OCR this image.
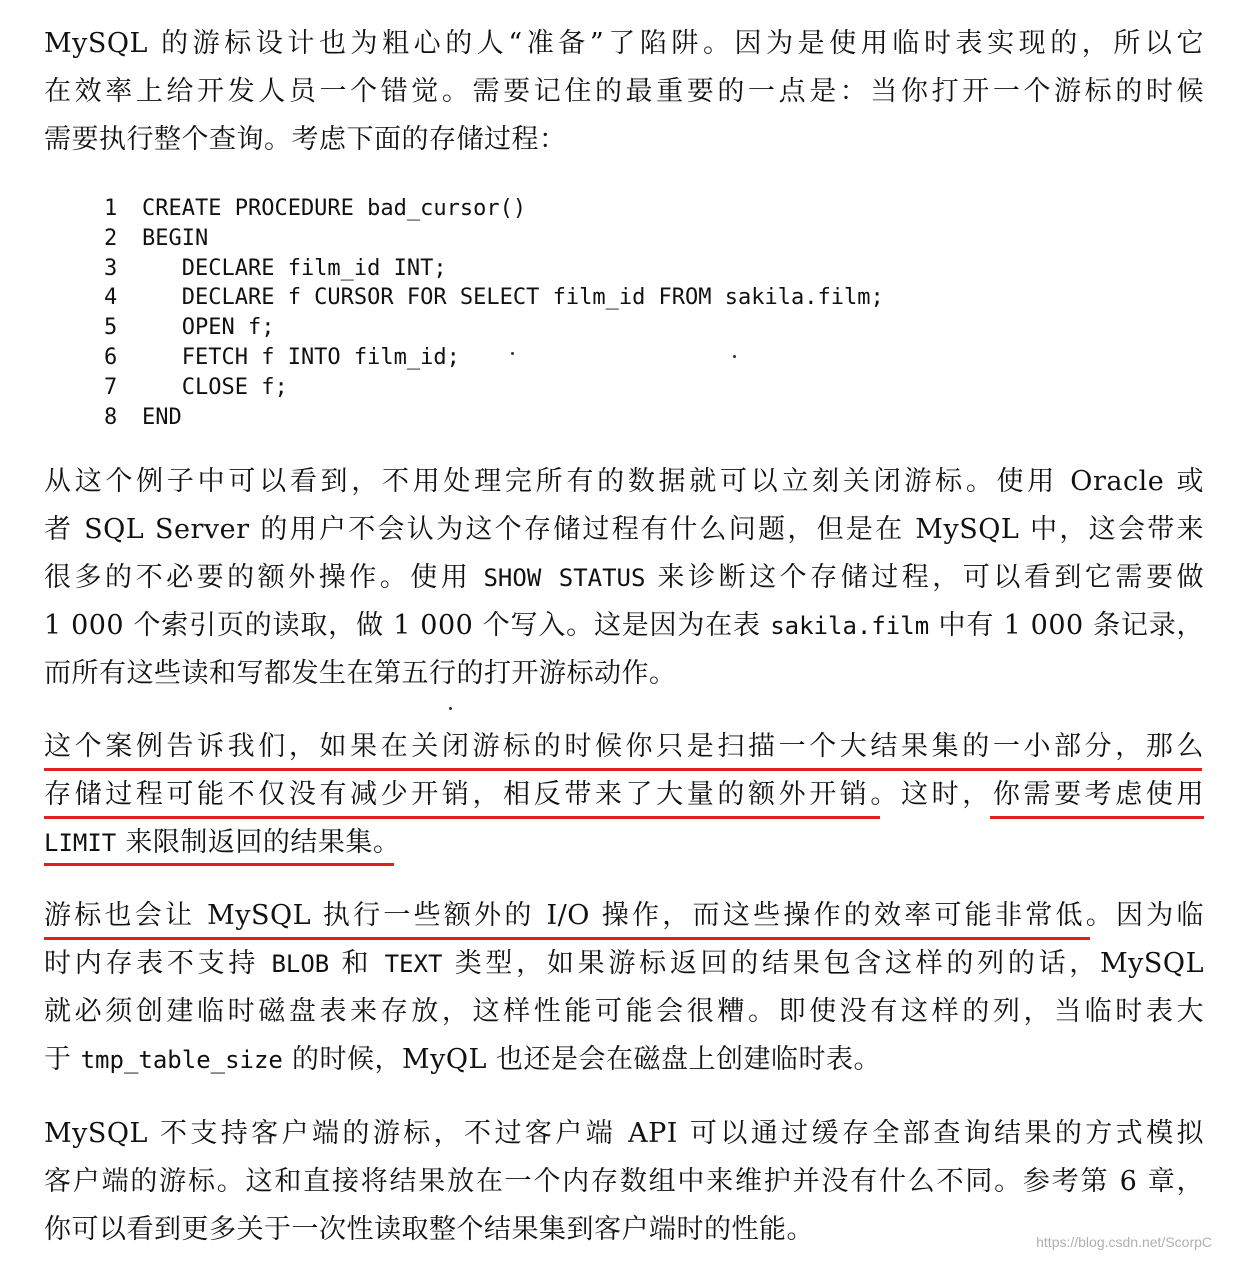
MySQL 的游标设计也为粗心的人“准备”了陷阱。因为是使用临时表实现的，所以它
在效率上给开发人员一个错觉。需要记住的最重要的一点是：当你打开一个游标的时候
需要执行整个查询。考虑下面的存储过程：
1	CREATE PROCEDURE bad_cursor()
2	BEGIN
3	DECLARE film_id INT;
4	DECLARE f CURSOR FOR SELECT film_id FROM sakila.film;
5	OPEN f;
6	FETCH f INTO film_id;
7	CLOSE f;
8	END
从这个例子中可以看到，不用处理完所有的数据就可以立刻关闭游标。使用 Oracle 或
者 SQL Server 的用户不会认为这个存储过程有什么问题，但是在 MySQL 中，这会带来
很多的不必要的额外操作。使用 SHOW STATUS 来诊断这个存储过程，可以看到它需要做
1 000 个索引页的读取，做 1 000 个写入。这是因为在表 sakila.film 中有 1 000 条记录，
而所有这些读和写都发生在第五行的打开游标动作。
这个案例告诉我们，如果在关闭游标的时候你只是扫描一个大结果集的一小部分，那么
存储过程可能不仅没有减少开销，相反带来了大量的额外开销。这时，你需要考虑使用
LIMIT 来限制返回的结果集。
游标也会让 MySQL 执行一些额外的 I/O 操作，而这些操作的效率可能非常低。因为临
时内存表不支持 BLOB 和 TEXT 类型，如果游标返回的结果包含这样的列的话，MySQL
就必须创建临时磁盘表来存放，这样性能可能会很糟。即使没有这样的列，当临时表大
于 tmp_table_size 的时候，MyQL 也还是会在磁盘上创建临时表。
MySQL 不支持客户端的游标，不过客户端 API 可以通过缓存全部查询结果的方式模拟
客户端的游标。这和直接将结果放在一个内存数组中来维护并没有什么不同。参考第 6 章，
你可以看到更多关于一次性读取整个结果集到客户端时的性能。	https://blog.csdn.net/ScorpC
